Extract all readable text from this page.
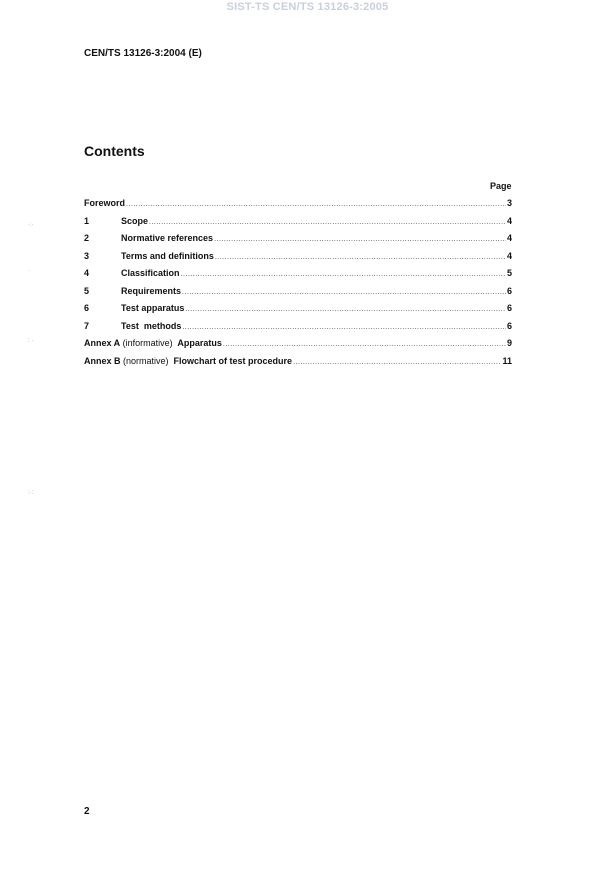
SIST-TS CEN/TS 13126-3:2005
CEN/TS 13126-3:2004 (E)
Contents
Page
Foreword .....	3
1	Scope .....	4
2	Normative references .....	4
3	Terms and definitions .....	4
4	Classification .....	5
5	Requirements .....	6
6	Test apparatus .....	6
7	Test  methods .....	6
Annex A (informative)  Apparatus .....	9
Annex B (normative)  Flowchart of test procedure .....	11
·:·
·
: ·
:·:
2
